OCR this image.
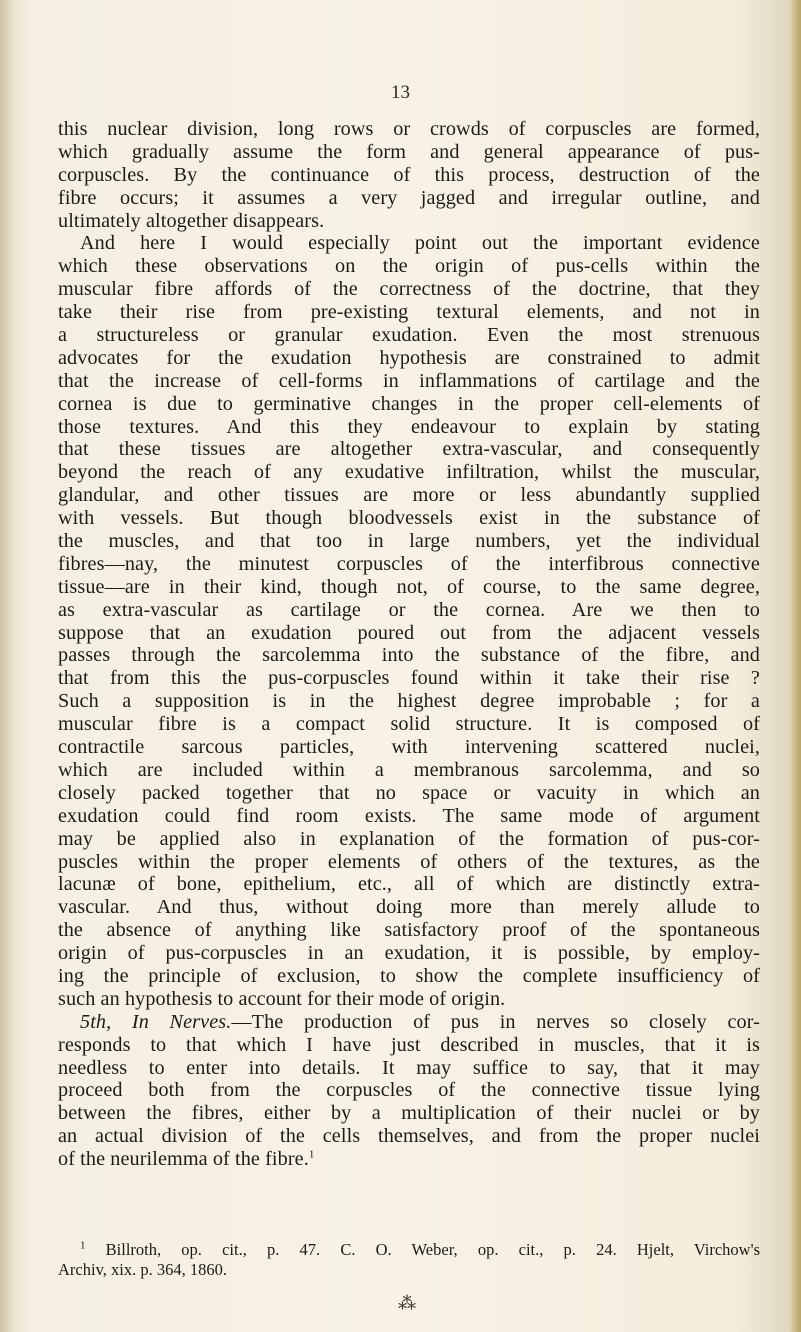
13
this nuclear division, long rows or crowds of corpuscles are formed,
which gradually assume the form and general appearance of pus-
corpuscles. By the continuance of this process, destruction of the
fibre occurs; it assumes a very jagged and irregular outline, and
ultimately altogether disappears.
And here I would especially point out the important evidence
which these observations on the origin of pus-cells within the
muscular fibre affords of the correctness of the doctrine, that they
take their rise from pre-existing textural elements, and not in
a structureless or granular exudation. Even the most strenuous
advocates for the exudation hypothesis are constrained to admit
that the increase of cell-forms in inflammations of cartilage and the
cornea is due to germinative changes in the proper cell-elements of
those textures. And this they endeavour to explain by stating
that these tissues are altogether extra-vascular, and consequently
beyond the reach of any exudative infiltration, whilst the muscular,
glandular, and other tissues are more or less abundantly supplied
with vessels. But though bloodvessels exist in the substance of
the muscles, and that too in large numbers, yet the individual
fibres—nay, the minutest corpuscles of the interfibrous connective
tissue—are in their kind, though not, of course, to the same degree,
as extra-vascular as cartilage or the cornea. Are we then to
suppose that an exudation poured out from the adjacent vessels
passes through the sarcolemma into the substance of the fibre, and
that from this the pus-corpuscles found within it take their rise ?
Such a supposition is in the highest degree improbable ; for a
muscular fibre is a compact solid structure. It is composed of
contractile sarcous particles, with intervening scattered nuclei,
which are included within a membranous sarcolemma, and so
closely packed together that no space or vacuity in which an
exudation could find room exists. The same mode of argument
may be applied also in explanation of the formation of pus-cor-
puscles within the proper elements of others of the textures, as the
lacunæ of bone, epithelium, etc., all of which are distinctly extra-
vascular. And thus, without doing more than merely allude to
the absence of anything like satisfactory proof of the spontaneous
origin of pus-corpuscles in an exudation, it is possible, by employ-
ing the principle of exclusion, to show the complete insufficiency of
such an hypothesis to account for their mode of origin.
5th, In Nerves.—The production of pus in nerves so closely cor-
responds to that which I have just described in muscles, that it is
needless to enter into details. It may suffice to say, that it may
proceed both from the corpuscles of the connective tissue lying
between the fibres, either by a multiplication of their nuclei or by
an actual division of the cells themselves, and from the proper nuclei
of the neurilemma of the fibre.$^1$
$^1$ Billroth, op. cit., p. 47. C. O. Weber, op. cit., p. 24. Hjelt, Virchow's
Archiv, xix. p. 364, 1860.
⁂
